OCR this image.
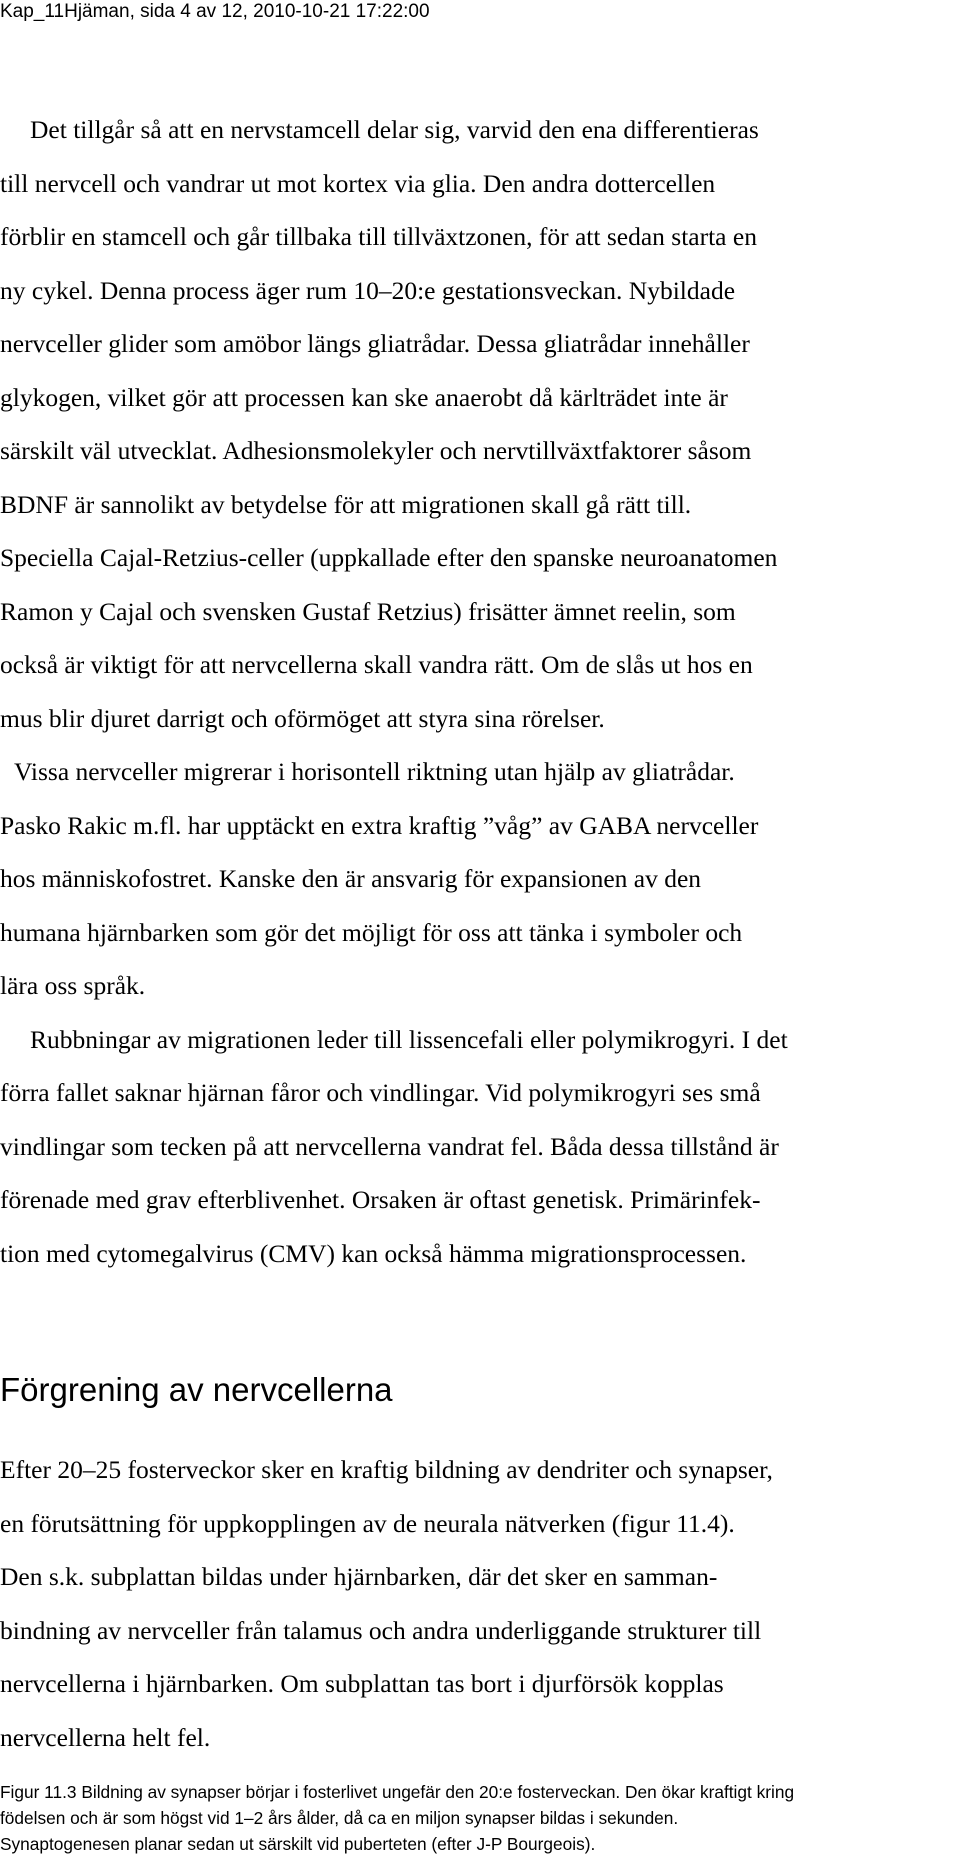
Kap_11Hjäman, sida 4 av 12, 2010-10-21 17:22:00

Det tillgår så att en nervstamcell delar sig, varvid den ena differentieras

till nervcell och vandrar ut mot kortex via glia. Den andra dottercellen

förblir en stamcell och går tillbaka till tillväxtzonen, för att sedan starta en

ny cykel. Denna process äger rum 10–20:e gestationsveckan. Nybildade

nervceller glider som amöbor längs gliatrådar. Dessa gliatrådar innehåller

glykogen, vilket gör att processen kan ske anaerobt då kärlträdet inte är

särskilt väl utvecklat. Adhesionsmolekyler och nervtillväxtfaktorer såsom

BDNF är sannolikt av betydelse för att migrationen skall gå rätt till.

Speciella Cajal-Retzius-celler (uppkallade efter den spanske neuroanatomen

Ramon y Cajal och svensken Gustaf Retzius) frisätter ämnet reelin, som

också är viktigt för att nervcellerna skall vandra rätt. Om de slås ut hos en

mus blir djuret darrigt och oförmöget att styra sina rörelser.

Vissa nervceller migrerar i horisontell riktning utan hjälp av gliatrådar.

Pasko Rakic m.fl. har upptäckt en extra kraftig ”våg” av GABA nervceller

hos människofostret. Kanske den är ansvarig för expansionen av den

humana hjärnbarken som gör det möjligt för oss att tänka i symboler och

lära oss språk.

Rubbningar av migrationen leder till lissencefali eller polymikrogyri. I det

förra fallet saknar hjärnan fåror och vindlingar. Vid polymikrogyri ses små

vindlingar som tecken på att nervcellerna vandrat fel. Båda dessa tillstånd är

förenade med grav efterblivenhet. Orsaken är oftast genetisk. Primärinfek-

tion med cytomegalvirus (CMV) kan också hämma migrationsprocessen.

Förgrening av nervcellerna

Efter 20–25 fosterveckor sker en kraftig bildning av dendriter och synapser,

en förutsättning för uppkopplingen av de neurala nätverken (figur 11.4).

Den s.k. subplattan bildas under hjärnbarken, där det sker en samman-

bindning av nervceller från talamus och andra underliggande strukturer till

nervcellerna i hjärnbarken. Om subplattan tas bort i djurförsök kopplas

nervcellerna helt fel.

Figur 11.3 Bildning av synapser börjar i fosterlivet ungefär den 20:e fosterveckan. Den ökar kraftigt kring

födelsen och är som högst vid 1–2 års ålder, då ca en miljon synapser bildas i sekunden.

Synaptogenesen planar sedan ut särskilt vid puberteten (efter J-P Bourgeois).
